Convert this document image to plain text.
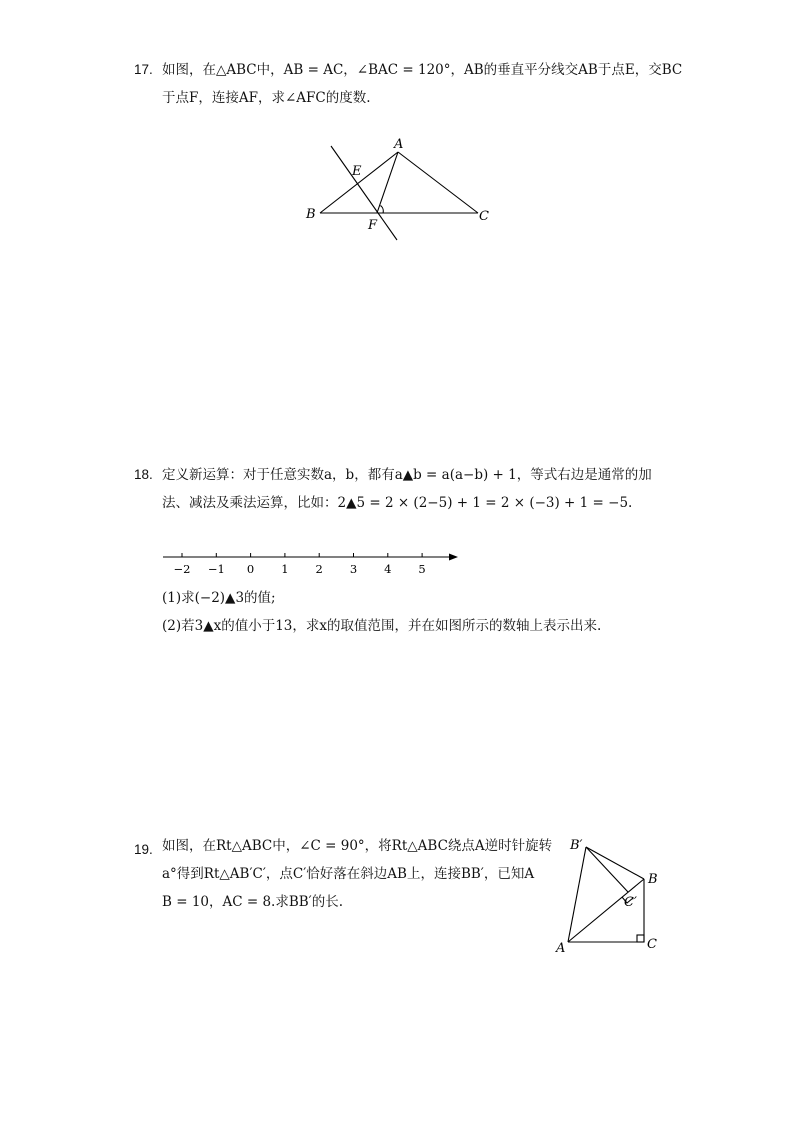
17. 如图，在△ABC中，AB = AC，∠BAC = 120°，AB的垂直平分线交AB于点E，交BC
于点F，连接AF，求∠AFC的度数.
A
E
B
F
C
18. 定义新运算：对于任意实数a，b，都有a▲b = a(a−b) + 1，等式右边是通常的加
法、减法及乘法运算，比如：2▲5 = 2 × (2−5) + 1 = 2 × (−3) + 1 = −5.
−2 −1 0 1 2 3 4 5
(1)求(−2)▲3的值;
(2)若3▲x的值小于13，求x的取值范围，并在如图所示的数轴上表示出来.
19. 如图，在Rt△ABC中，∠C = 90°，将Rt△ABC绕点A逆时针旋转
a°得到Rt△AB′C′，点C′恰好落在斜边AB上，连接BB′，已知A
B = 10，AC = 8.求BB′的长.
B′
B
C′
A	C
